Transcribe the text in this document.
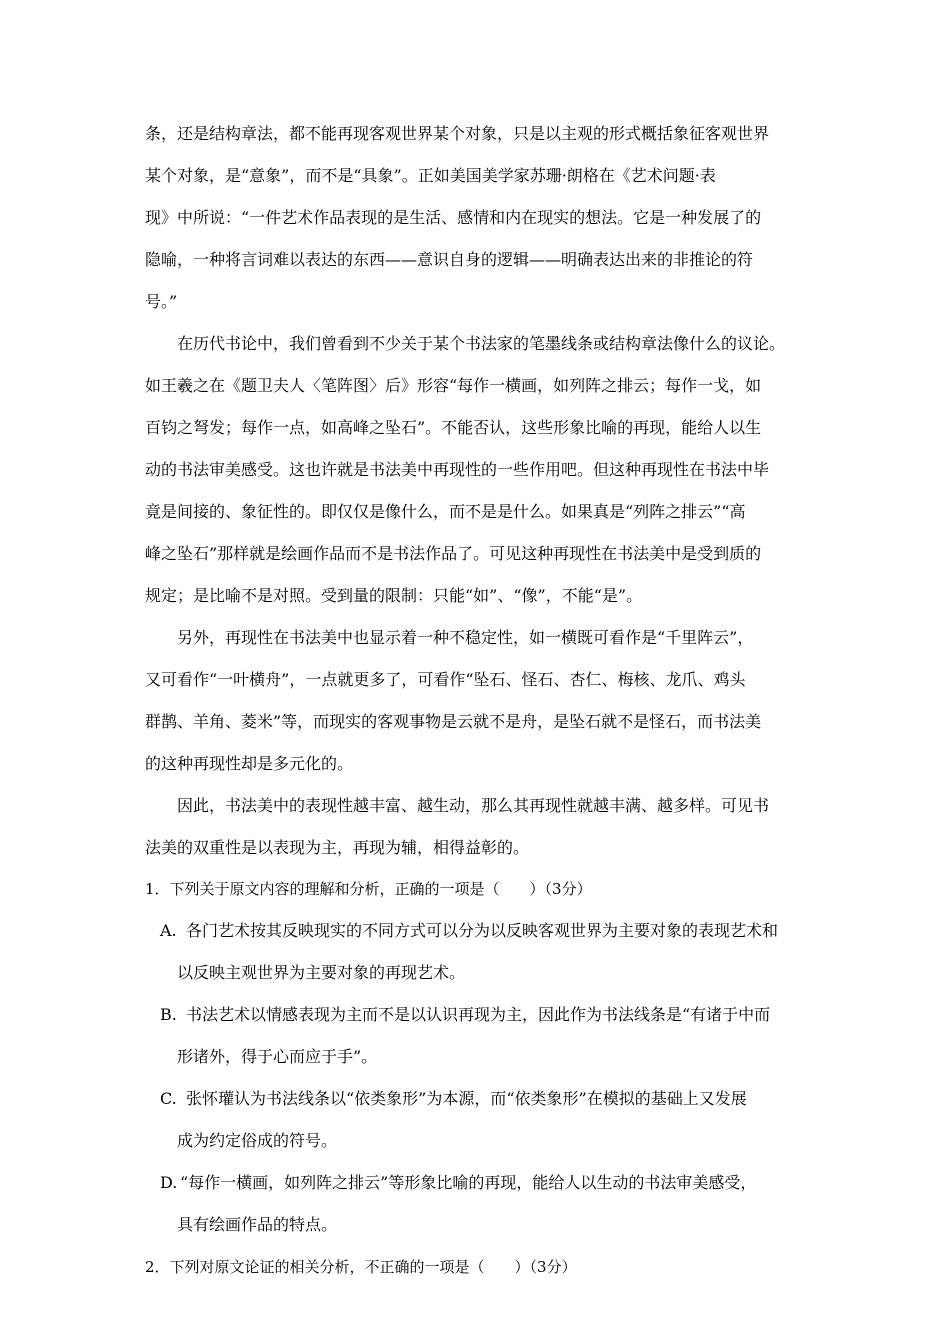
条，还是结构章法，都不能再现客观世界某个对象，只是以主观的形式概括象征客观世界
某个对象，是“意象”，而不是“具象”。正如美国美学家苏珊·朗格在《艺术问题·表
现》中所说：“一件艺术作品表现的是生活、感情和内在现实的想法。它是一种发展了的
隐喻，一种将言词难以表达的东西——意识自身的逻辑——明确表达出来的非推论的符
号。”
在历代书论中，我们曾看到不少关于某个书法家的笔墨线条或结构章法像什么的议论。
如王羲之在《题卫夫人〈笔阵图〉后》形容“每作一横画，如列阵之排云；每作一戈，如
百钧之弩发；每作一点，如高峰之坠石”。不能否认，这些形象比喻的再现，能给人以生
动的书法审美感受。这也许就是书法美中再现性的一些作用吧。但这种再现性在书法中毕
竟是间接的、象征性的。即仅仅是像什么，而不是是什么。如果真是“列阵之排云”“高
峰之坠石”那样就是绘画作品而不是书法作品了。可见这种再现性在书法美中是受到质的
规定；是比喻不是对照。受到量的限制：只能“如”、“像”，不能“是”。
另外，再现性在书法美中也显示着一种不稳定性，如一横既可看作是“千里阵云”，
又可看作“一叶横舟”，一点就更多了，可看作“坠石、怪石、杏仁、梅核、龙爪、鸡头
群鹊、羊角、菱米”等，而现实的客观事物是云就不是舟，是坠石就不是怪石，而书法美
的这种再现性却是多元化的。
因此，书法美中的表现性越丰富、越生动，那么其再现性就越丰满、越多样。可见书
法美的双重性是以表现为主，再现为辅，相得益彰的。
1．下列关于原文内容的理解和分析，正确的一项是（　　）（3分）
A. 各门艺术按其反映现实的不同方式可以分为以反映客观世界为主要对象的表现艺术和
以反映主观世界为主要对象的再现艺术。
B. 书法艺术以情感表现为主而不是以认识再现为主，因此作为书法线条是“有诸于中而
形诸外，得于心而应于手”。
C. 张怀瓘认为书法线条以“依类象形”为本源，而“依类象形”在模拟的基础上又发展
成为约定俗成的符号。
D. “每作一横画，如列阵之排云”等形象比喻的再现，能给人以生动的书法审美感受，
具有绘画作品的特点。
2．下列对原文论证的相关分析，不正确的一项是（　　）（3分）
